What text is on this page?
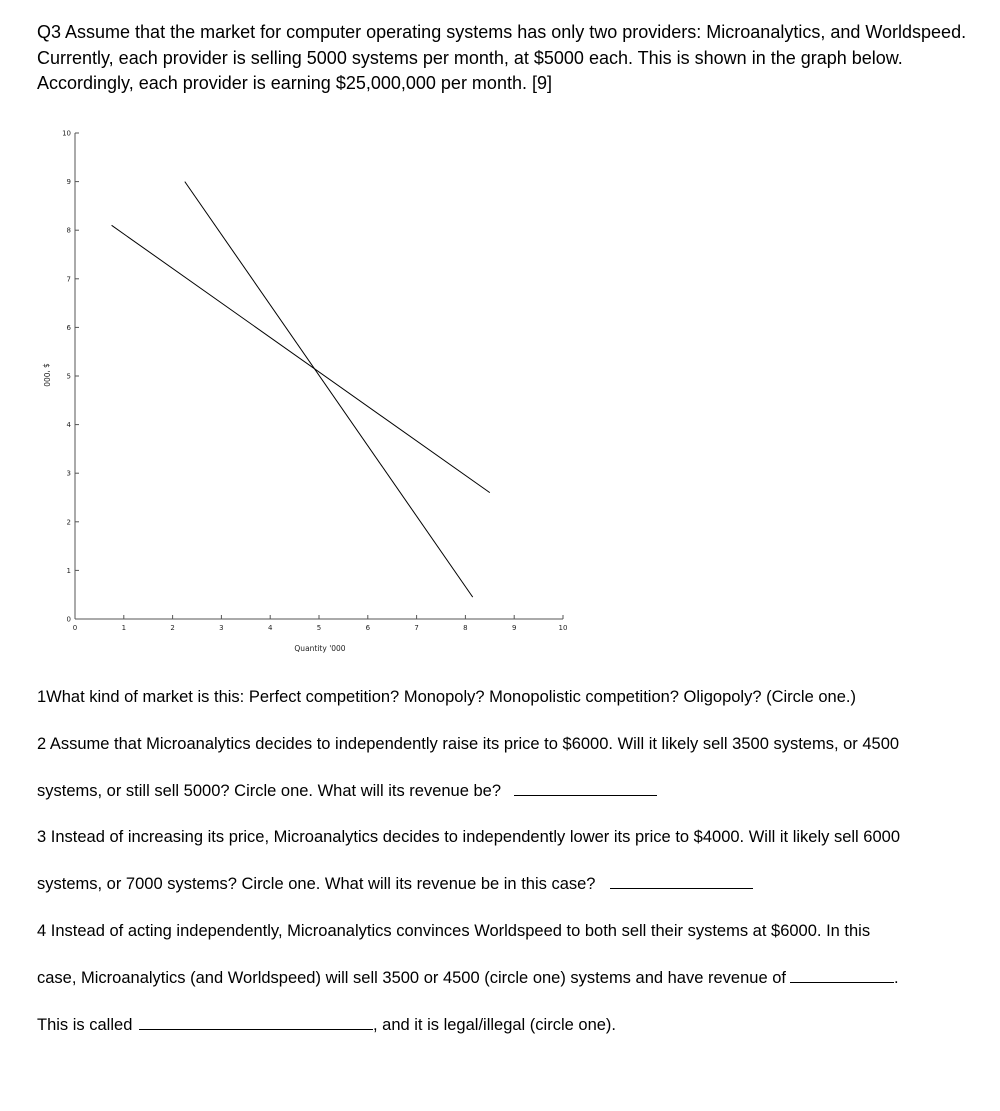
Q3 Assume that the market for computer operating systems has only two providers: Microanalytics, and Worldspeed. Currently, each provider is selling 5000 systems per month, at $5000 each. This is shown in the graph below. Accordingly, each provider is earning $25,000,000 per month. [9]

0
1
2
3
4
5
6
7
8
9
10
0	1	2	3	4	5	6	7	8	9	10
Quantity '000
$ '000

1What kind of market is this: Perfect competition? Monopoly? Monopolistic competition? Oligopoly? (Circle one.)

2 Assume that Microanalytics decides to independently raise its price to $6000. Will it likely sell 3500 systems, or 4500

systems, or still sell 5000? Circle one. What will its revenue be?

3 Instead of increasing its price, Microanalytics decides to independently lower its price to $4000. Will it likely sell 6000

systems, or 7000 systems? Circle one. What will its revenue be in this case?

4 Instead of acting independently, Microanalytics convinces Worldspeed to both sell their systems at $6000. In this

case, Microanalytics (and Worldspeed) will sell 3500 or 4500 (circle one) systems and have revenue of	.

This is called	, and it is legal/illegal (circle one).
